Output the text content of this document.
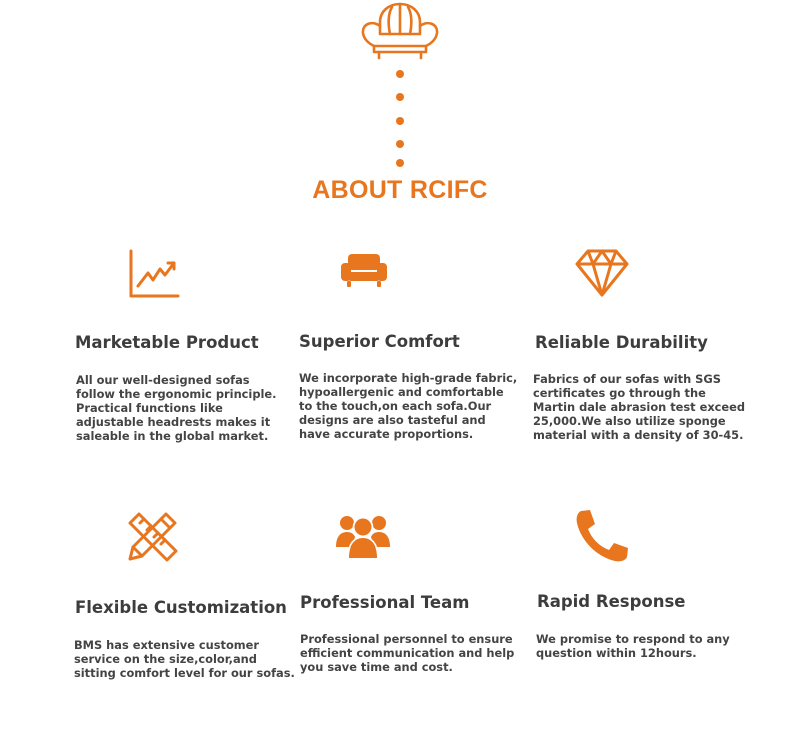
ABOUT RCIFC
Marketable Product
All our well-designed sofas
follow the ergonomic principle.
Practical functions like
adjustable headrests makes it
saleable in the global market.
Superior Comfort
We incorporate high-grade fabric,
hypoallergenic and comfortable
to the touch,on each sofa.Our
designs are also tasteful and
have accurate proportions.
Reliable Durability
Fabrics of our sofas with SGS
certificates go through the
Martin dale abrasion test exceed
25,000.We also utilize sponge
material with a density of 30-45.
Flexible Customization
BMS has extensive customer
service on the size,color,and
sitting comfort level for our sofas.
Professional Team
Professional personnel to ensure
efficient communication and help
you save time and cost.
Rapid Response
We promise to respond to any
question within 12hours.
